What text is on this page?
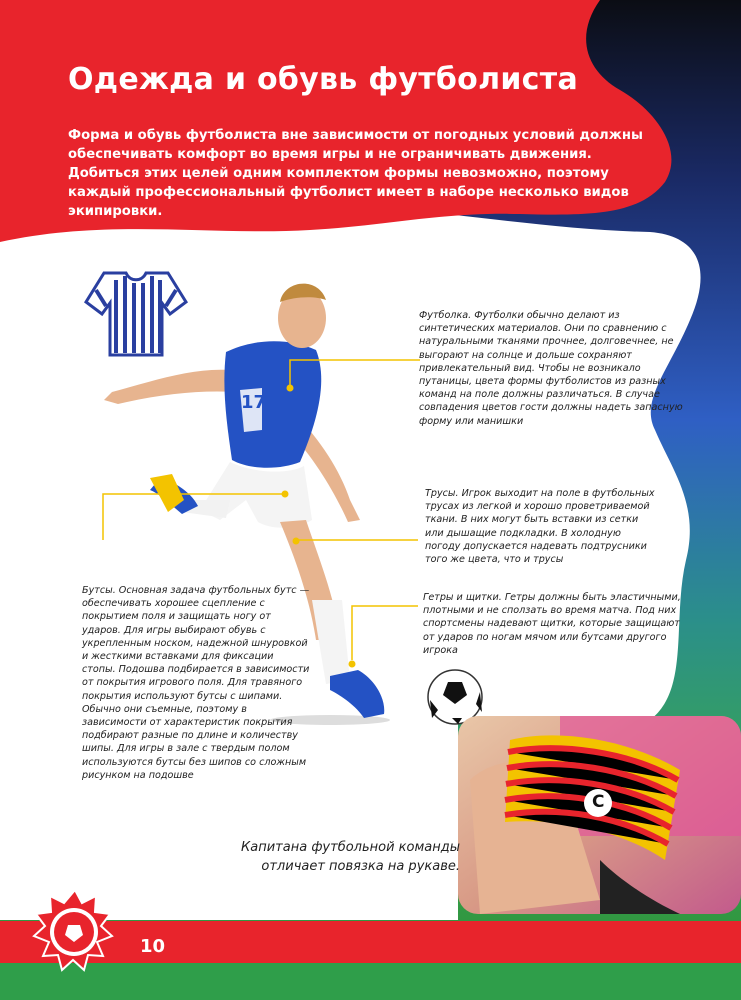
C
17
Одежда и обувь футболиста

Форма и обувь футболиста вне зависимости от погодных условий должны обеспечивать комфорт во время игры и не ограничивать движения. Добиться этих целей одним комплектом формы невозможно, поэтому каждый профессиональный футболист имеет в наборе несколько видов экипировки.

Футболка. Футболки обычно делают из синтетических материалов. Они по сравнению с натуральными тканями прочнее, долговечнее, не выгорают на солнце и дольше сохраняют привлекательный вид. Чтобы не возникало путаницы, цвета формы футболистов из разных команд на поле должны различаться. В случае совпадения цветов гости должны надеть запасную форму или манишки

Трусы. Игрок выходит на поле в футбольных трусах из легкой и хорошо проветриваемой ткани. В них могут быть вставки из сетки или дышащие подкладки. В холодную погоду допускается надевать подтрусники того же цвета, что и трусы

Гетры и щитки. Гетры должны быть эластичными, плотными и не сползать во время матча. Под них спортсмены надевают щитки, которые защищают от ударов по ногам мячом или бутсами другого игрока

Бутсы. Основная задача футбольных бутс — обеспечивать хорошее сцепление с покрытием поля и защищать ногу от ударов. Для игры выбирают обувь с укрепленным носком, надежной шнуровкой и жесткими вставками для фиксации стопы. Подошва подбирается в зависимости от покрытия игрового поля. Для травяного покрытия используют бутсы с шипами. Обычно они съемные, поэтому в зависимости от характеристик покрытия подбирают разные по длине и количеству шипы. Для игры в зале с твердым полом используются бутсы без шипов со сложным рисунком на подошве

Капитана футбольной команды отличает повязка на рукаве.

10
